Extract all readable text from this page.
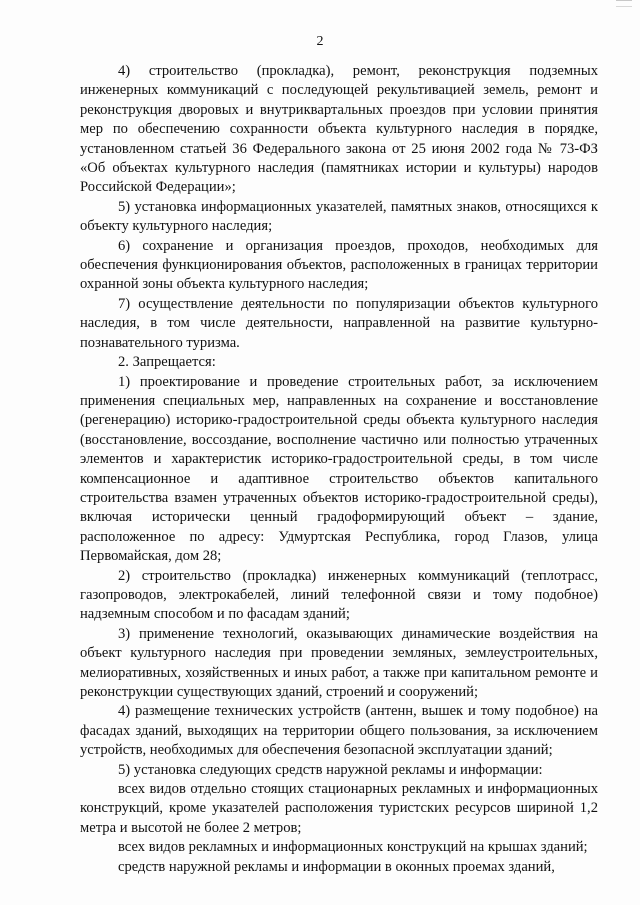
2

4) строительство (прокладка), ремонт, реконструкция подземных инженерных коммуникаций с последующей рекультивацией земель, ремонт и реконструкция дворовых и внутриквартальных проездов при условии принятия мер по обеспечению сохранности объекта культурного наследия в порядке, установленном статьей 36 Федерального закона от 25 июня 2002 года № 73-ФЗ «Об объектах культурного наследия (памятниках истории и культуры) народов Российской Федерации»;

5) установка информационных указателей, памятных знаков, относящихся к объекту культурного наследия;

6) сохранение и организация проездов, проходов, необходимых для обеспечения функционирования объектов, расположенных в границах территории охранной зоны объекта культурного наследия;

7) осуществление деятельности по популяризации объектов культурного наследия, в том числе деятельности, направленной на развитие культурно-познавательного туризма.

2. Запрещается:

1) проектирование и проведение строительных работ, за исключением применения специальных мер, направленных на сохранение и восстановление (регенерацию) историко-градостроительной среды объекта культурного наследия (восстановление, воссоздание, восполнение частично или полностью утраченных элементов и характеристик историко-градостроительной среды, в том числе компенсационное и адаптивное строительство объектов капитального строительства взамен утраченных объектов историко-градостроительной среды), включая исторически ценный градоформирующий объект – здание, расположенное по адресу: Удмуртская Республика, город Глазов, улица Первомайская, дом 28;

2) строительство (прокладка) инженерных коммуникаций (теплотрасс, газопроводов, электрокабелей, линий телефонной связи и тому подобное) надземным способом и по фасадам зданий;

3) применение технологий, оказывающих динамические воздействия на объект культурного наследия при проведении земляных, землеустроительных, мелиоративных, хозяйственных и иных работ, а также при капитальном ремонте и реконструкции существующих зданий, строений и сооружений;

4) размещение технических устройств (антенн, вышек и тому подобное) на фасадах зданий, выходящих на территории общего пользования, за исключением устройств, необходимых для обеспечения безопасной эксплуатации зданий;

5) установка следующих средств наружной рекламы и информации:

всех видов отдельно стоящих стационарных рекламных и информационных конструкций, кроме указателей расположения туристских ресурсов шириной 1,2 метра и высотой не более 2 метров;

всех видов рекламных и информационных конструкций на крышах зданий;

средств наружной рекламы и информации в оконных проемах зданий,
